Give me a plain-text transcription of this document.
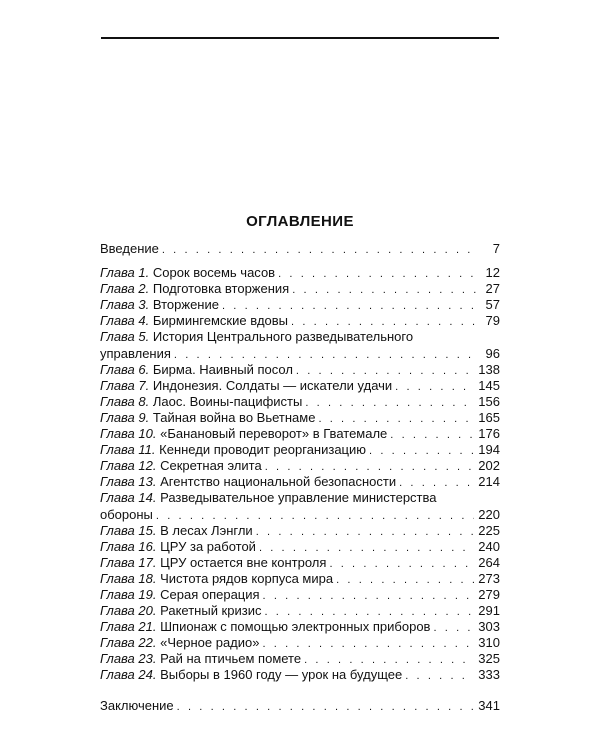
ОГЛАВЛЕНИЕ
Введение . . .	7
Глава 1. Сорок восемь часов . . .	12
Глава 2. Подготовка вторжения . . .	27
Глава 3. Вторжение . . .	57
Глава 4. Бирмингемские вдовы . . .	79
Глава 5. История Центрального разведывательного
управления . . .	96
Глава 6. Бирма. Наивный посол . . .	138
Глава 7. Индонезия. Солдаты — искатели удачи . . .	145
Глава 8. Лаос. Воины-пацифисты . . .	156
Глава 9. Тайная война во Вьетнаме . . .	165
Глава 10. «Банановый переворот» в Гватемале . . .	176
Глава 11. Кеннеди проводит реорганизацию . . .	194
Глава 12. Секретная элита . . .	202
Глава 13. Агентство национальной безопасности . . .	214
Глава 14. Разведывательное управление министерства
обороны . . .	220
Глава 15. В лесах Лэнгли . . .	225
Глава 16. ЦРУ за работой . . .	240
Глава 17. ЦРУ остается вне контроля . . .	264
Глава 18. Чистота рядов корпуса мира . . .	273
Глава 19. Серая операция . . .	279
Глава 20. Ракетный кризис . . .	291
Глава 21. Шпионаж с помощью электронных приборов . . .	303
Глава 22. «Черное радио» . . .	310
Глава 23. Рай на птичьем помете . . .	325
Глава 24. Выборы в 1960 году — урок на будущее . . .	333
Заключение . . .	341
